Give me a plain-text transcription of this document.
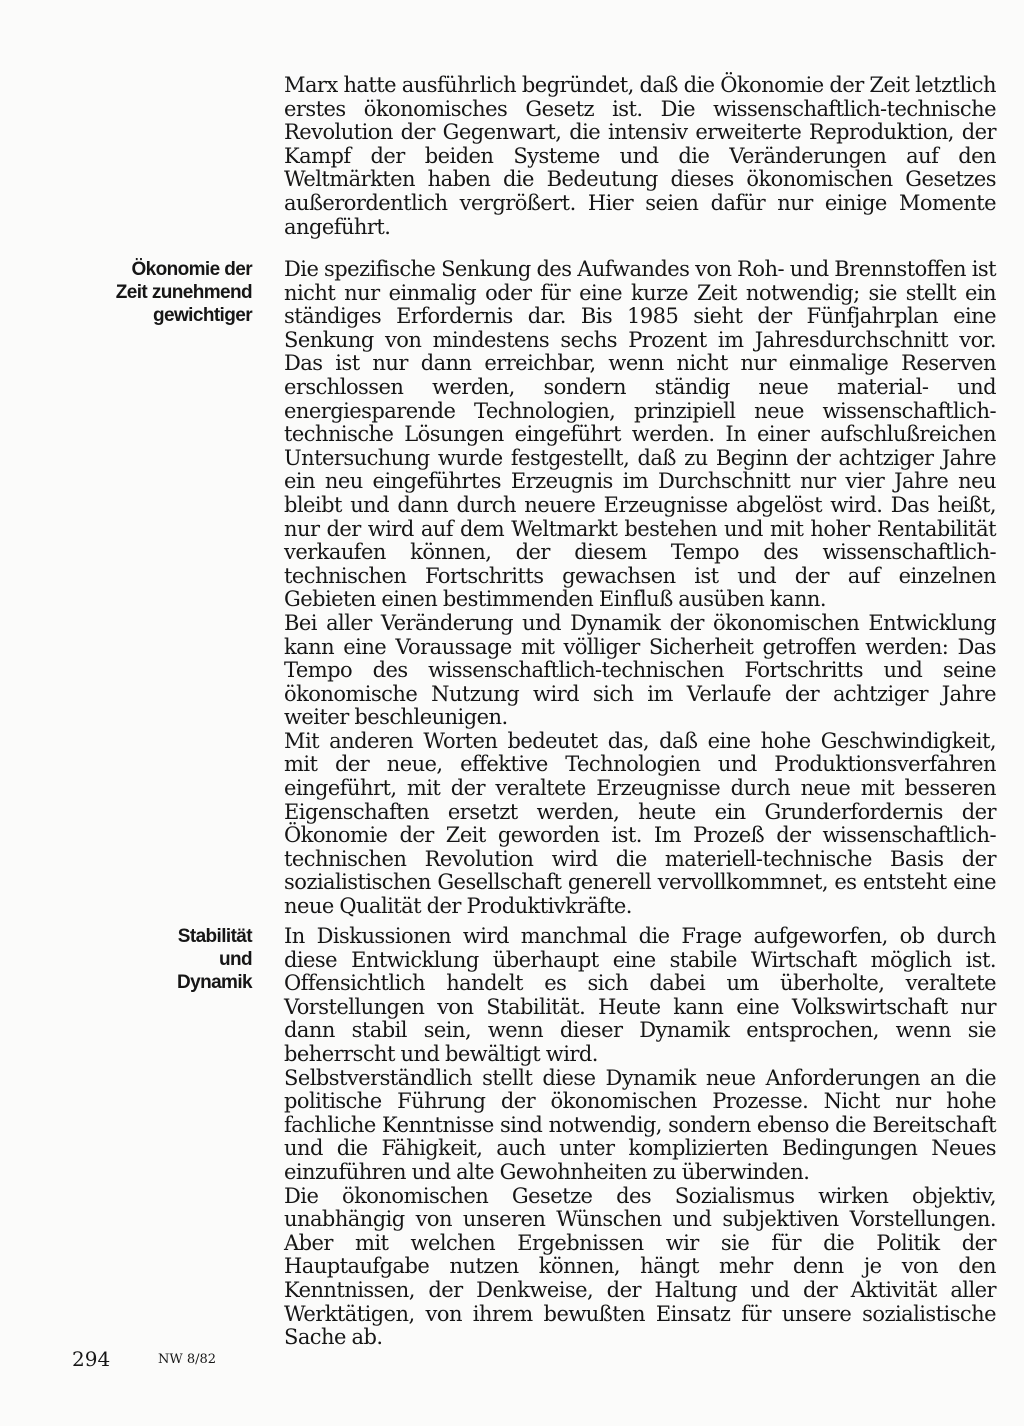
Marx hatte ausführlich begründet, daß die Ökonomie der Zeit letztlich erstes ökonomisches Gesetz ist. Die wissenschaftlich-technische Revolution der Gegenwart, die intensiv erweiterte Reproduktion, der Kampf der beiden Systeme und die Veränderungen auf den Weltmärkten haben die Bedeutung dieses ökonomischen Gesetzes außerordentlich vergrößert. Hier seien dafür nur einige Momente angeführt.

Ökonomie der
Zeit zunehmend
gewichtiger

Die spezifische Senkung des Aufwandes von Roh- und Brennstoffen ist nicht nur einmalig oder für eine kurze Zeit notwendig; sie stellt ein ständiges Erfordernis dar. Bis 1985 sieht der Fünfjahrplan eine Senkung von mindestens sechs Prozent im Jahresdurchschnitt vor. Das ist nur dann erreichbar, wenn nicht nur einmalige Reserven erschlossen werden, sondern ständig neue material- und energiesparende Technologien, prinzipiell neue wissenschaftlich-technische Lösungen eingeführt werden. In einer aufschlußreichen Untersuchung wurde festgestellt, daß zu Beginn der achtziger Jahre ein neu eingeführtes Erzeugnis im Durchschnitt nur vier Jahre neu bleibt und dann durch neuere Erzeugnisse abgelöst wird. Das heißt, nur der wird auf dem Weltmarkt bestehen und mit hoher Rentabilität verkaufen können, der diesem Tempo des wissenschaftlich-technischen Fortschritts gewachsen ist und der auf einzelnen Gebieten einen bestimmenden Einfluß ausüben kann.

Bei aller Veränderung und Dynamik der ökonomischen Entwicklung kann eine Voraussage mit völliger Sicherheit getroffen werden: Das Tempo des wissenschaftlich-technischen Fortschritts und seine ökonomische Nutzung wird sich im Verlaufe der achtziger Jahre weiter beschleunigen.

Mit anderen Worten bedeutet das, daß eine hohe Geschwindigkeit, mit der neue, effektive Technologien und Produktionsverfahren eingeführt, mit der veraltete Erzeugnisse durch neue mit besseren Eigenschaften ersetzt werden, heute ein Grunderfordernis der Ökonomie der Zeit geworden ist. Im Prozeß der wissenschaftlich-technischen Revolution wird die materiell-technische Basis der sozialistischen Gesellschaft generell vervollkommnet, es entsteht eine neue Qualität der Produktivkräfte.

Stabilität
und
Dynamik

In Diskussionen wird manchmal die Frage aufgeworfen, ob durch diese Entwicklung überhaupt eine stabile Wirtschaft möglich ist. Offensichtlich handelt es sich dabei um überholte, veraltete Vorstellungen von Stabilität. Heute kann eine Volkswirtschaft nur dann stabil sein, wenn dieser Dynamik entsprochen, wenn sie beherrscht und bewältigt wird.

Selbstverständlich stellt diese Dynamik neue Anforderungen an die politische Führung der ökonomischen Prozesse. Nicht nur hohe fachliche Kenntnisse sind notwendig, sondern ebenso die Bereitschaft und die Fähigkeit, auch unter komplizierten Bedingungen Neues einzuführen und alte Gewohnheiten zu überwinden.

Die ökonomischen Gesetze des Sozialismus wirken objektiv, unabhängig von unseren Wünschen und subjektiven Vorstellungen. Aber mit welchen Ergebnissen wir sie für die Politik der Hauptaufgabe nutzen können, hängt mehr denn je von den Kenntnissen, der Denkweise, der Haltung und der Aktivität aller Werktätigen, von ihrem bewußten Einsatz für unsere sozialistische Sache ab.

294	NW 8/82
